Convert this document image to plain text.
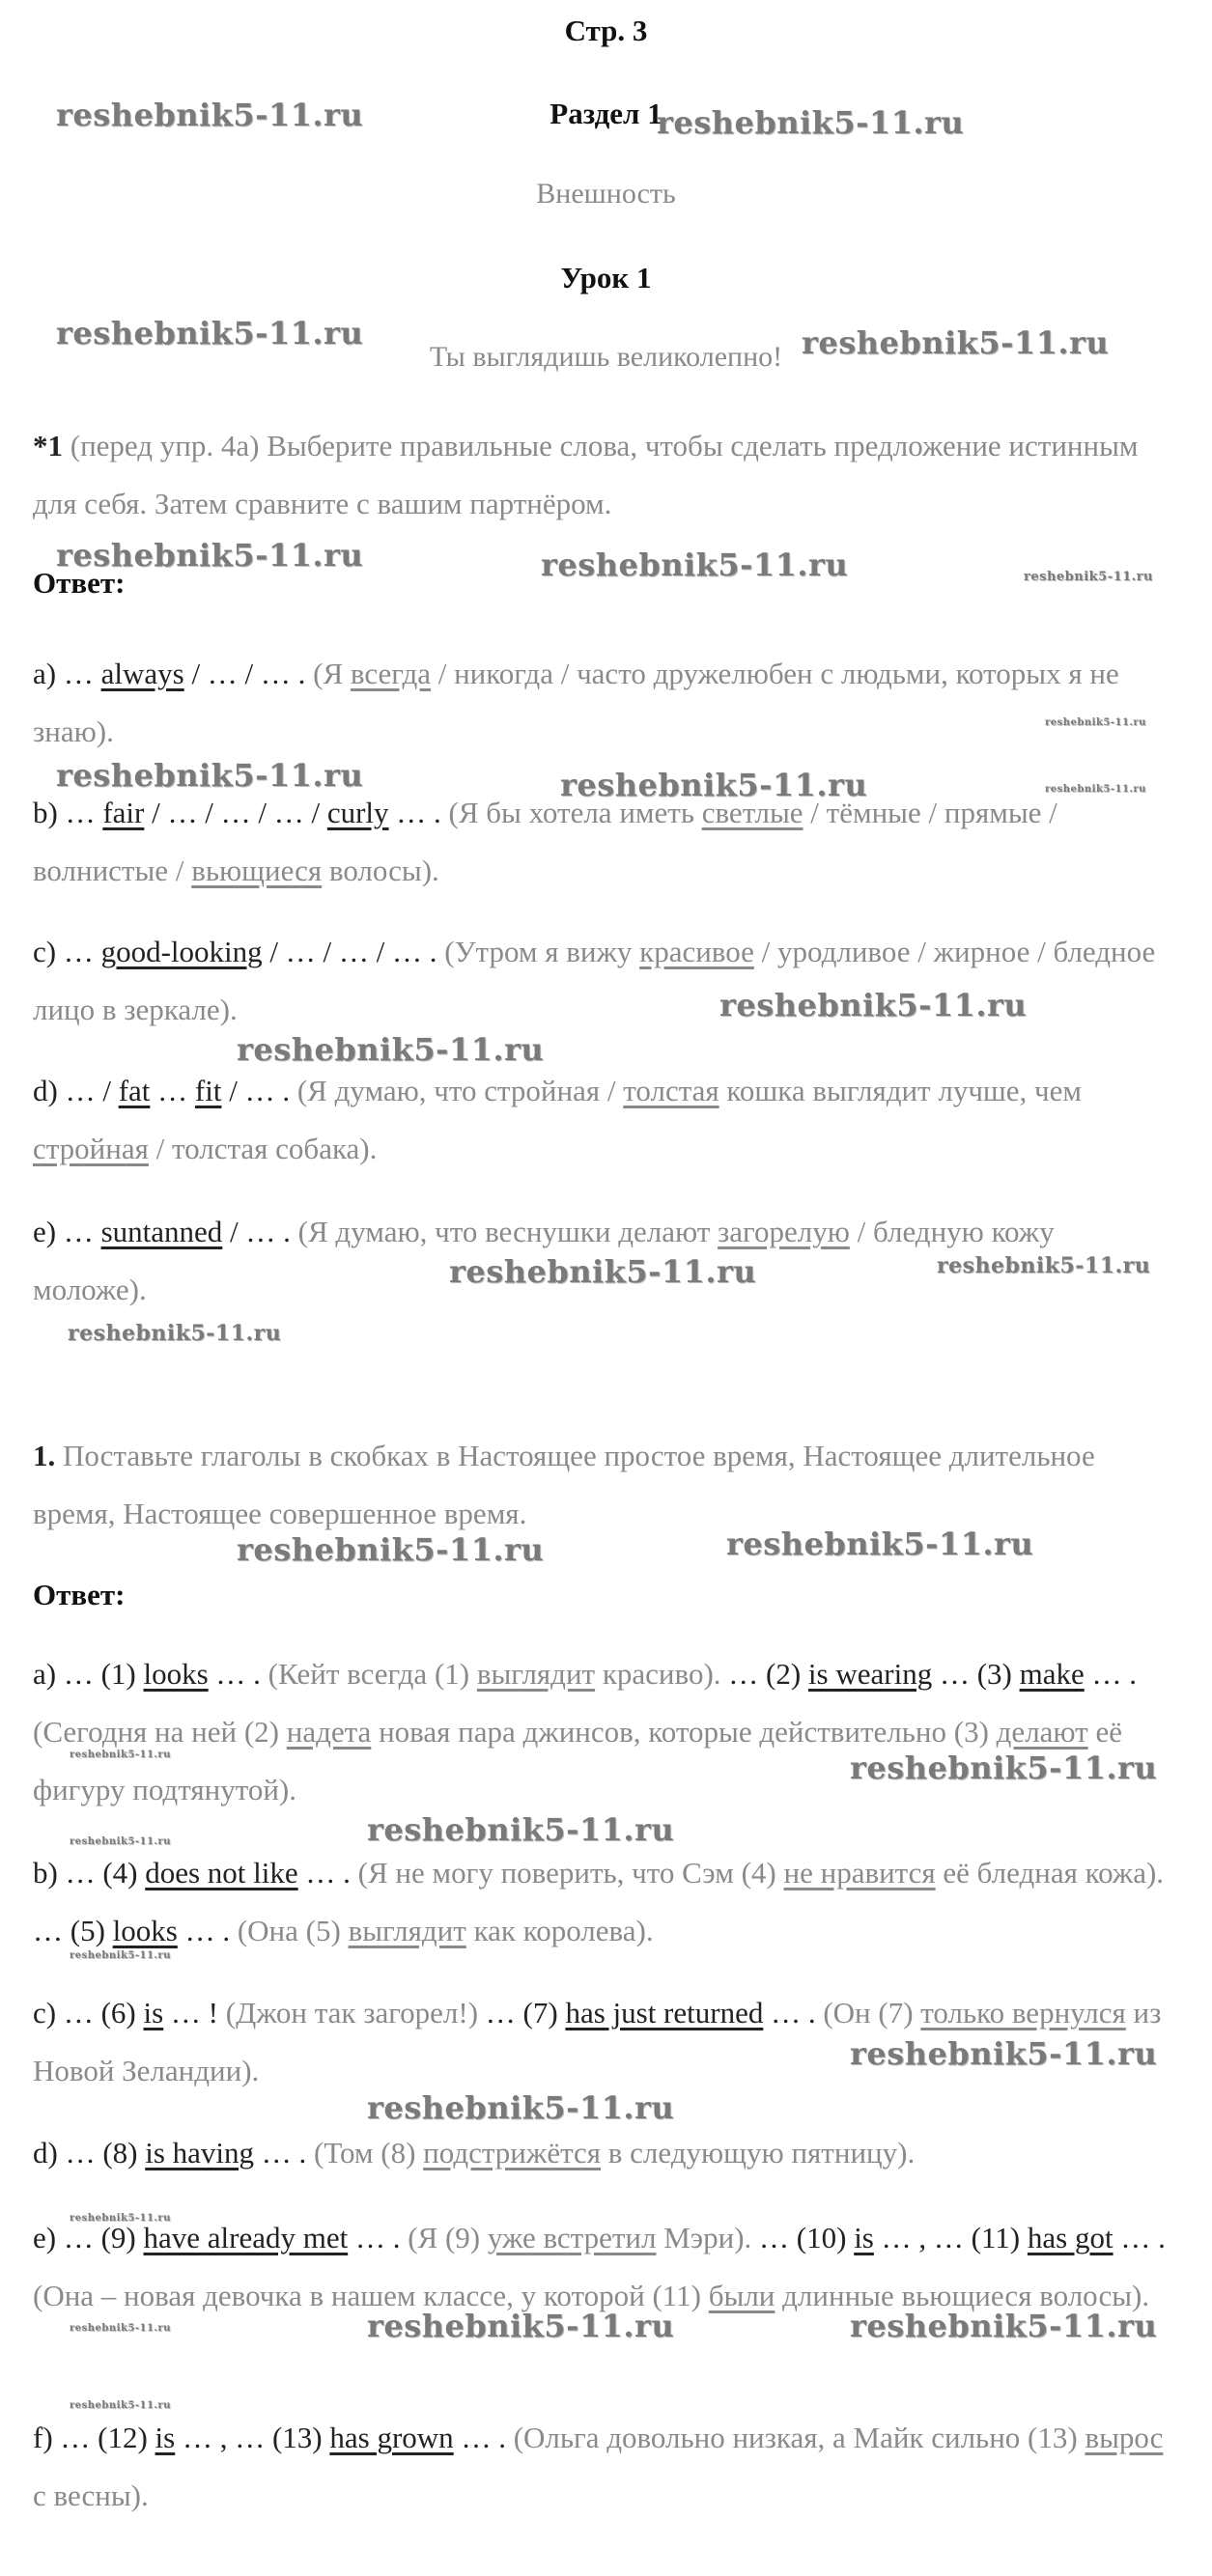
Стр. 3
Раздел 1
Внешность
Урок 1
Ты выглядишь великолепно!
*1 (перед упр. 4а) Выберите правильные слова, чтобы сделать предложение истинным для себя. Затем сравните с вашим партнёром.
Ответ:
a) … always / … / … . (Я всегда / никогда / часто дружелюбен с людьми, которых я не знаю).
b) … fair / … / … / … / curly … . (Я бы хотела иметь светлые / тёмные / прямые / волнистые / вьющиеся волосы).
c) … good-looking / … / … / … . (Утром я вижу красивое / уродливое / жирное / бледное лицо в зеркале).
d) … / fat … fit / … . (Я думаю, что стройная / толстая кошка выглядит лучше, чем стройная / толстая собака).
e) … suntanned / … . (Я думаю, что веснушки делают загорелую / бледную кожу моложе).
1. Поставьте глаголы в скобках в Настоящее простое время, Настоящее длительное время, Настоящее совершенное время.
Ответ:
a) … (1) looks … . (Кейт всегда (1) выглядит красиво). … (2) is wearing … (3) make … . (Сегодня на ней (2) надета новая пара джинсов, которые действительно (3) делают её фигуру подтянутой).
b) … (4) does not like … . (Я не могу поверить, что Сэм (4) не нравится её бледная кожа). … (5) looks … . (Она (5) выглядит как королева).
c) … (6) is … ! (Джон так загорел!) … (7) has just returned … . (Он (7) только вернулся из Новой Зеландии).
d) … (8) is having … . (Том (8) подстрижётся в следующую пятницу).
e) … (9) have already met … . (Я (9) уже встретил Мэри). … (10) is … , … (11) has got … . (Она – новая девочка в нашем классе, у которой (11) были длинные вьющиеся волосы).
f) … (12) is … , … (13) has grown … . (Ольга довольно низкая, а Майк сильно (13) вырос с весны).
reshebnik5-11.ru	reshebnik5-11.ru
reshebnik5-11.ru	reshebnik5-11.ru
reshebnik5-11.ru	reshebnik5-11.ru	reshebnik5-11.ru
reshebnik5-11.ru
reshebnik5-11.ru	reshebnik5-11.ru	reshebnik5-11.ru
reshebnik5-11.ru
reshebnik5-11.ru
reshebnik5-11.ru	reshebnik5-11.ru
reshebnik5-11.ru
reshebnik5-11.ru	reshebnik5-11.ru
reshebnik5-11.ru	reshebnik5-11.ru
reshebnik5-11.ru	reshebnik5-11.ru
reshebnik5-11.ru
reshebnik5-11.ru
reshebnik5-11.ru
reshebnik5-11.ru
reshebnik5-11.ru	reshebnik5-11.ru	reshebnik5-11.ru
reshebnik5-11.ru
